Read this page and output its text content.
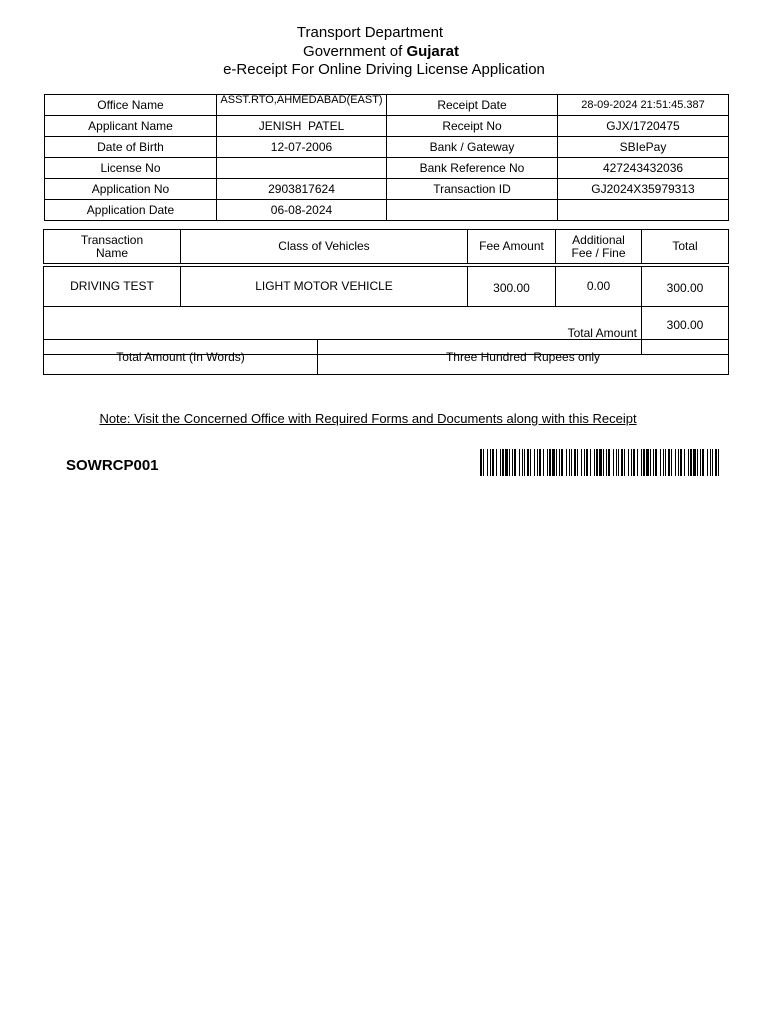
Transport Department
Government of Gujarat
e-Receipt For Online Driving License Application
Office Name	ASST.RTO,AHMEDABAD(EAST)	Receipt Date	28-09-2024 21:51:45.387
Applicant Name	JENISH  PATEL	Receipt No	GJX/1720475
Date of Birth	12-07-2006	Bank / Gateway	SBIePay
License No		Bank Reference No	427243432036
Application No	2903817624	Transaction ID	GJ2024X35979313
Application Date	06-08-2024		
Transaction Name	Class of Vehicles	Fee Amount	Additional Fee / Fine	Total
DRIVING TEST	LIGHT MOTOR VEHICLE	300.00	0.00	300.00
Total Amount				300.00
Total Amount (In Words)	Three Hundred  Rupees only
Note: Visit the Concerned Office with Required Forms and Documents along with this Receipt
SOWRCP001
